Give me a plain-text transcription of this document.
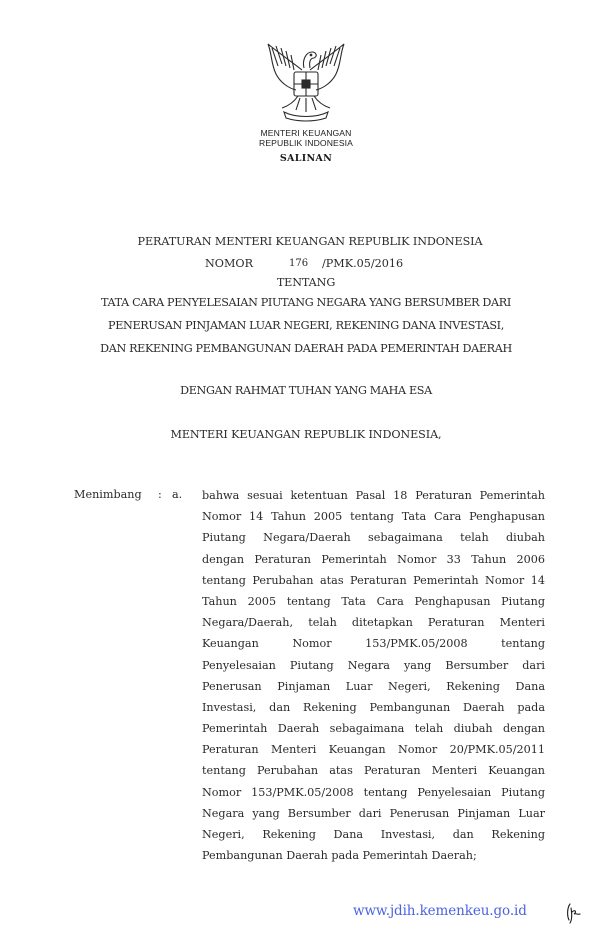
MENTERI KEUANGAN
REPUBLIK INDONESIA
SALINAN
PERATURAN MENTERI KEUANGAN REPUBLIK INDONESIA
NOMOR	176 /PMK.05/2016
TENTANG
TATA CARA PENYELESAIAN PIUTANG NEGARA YANG BERSUMBER DARI
PENERUSAN PINJAMAN LUAR NEGERI, REKENING DANA INVESTASI,
DAN REKENING PEMBANGUNAN DAERAH PADA PEMERINTAH DAERAH
DENGAN RAHMAT TUHAN YANG MAHA ESA
MENTERI KEUANGAN REPUBLIK INDONESIA,
Menimbang : a. bahwa sesuai ketentuan Pasal 18 Peraturan Pemerintah
Nomor 14 Tahun 2005 tentang Tata Cara Penghapusan
Piutang Negara/Daerah sebagaimana telah diubah
dengan Peraturan Pemerintah Nomor 33 Tahun 2006
tentang Perubahan atas Peraturan Pemerintah Nomor 14
Tahun 2005 tentang Tata Cara Penghapusan Piutang
Negara/Daerah, telah ditetapkan Peraturan Menteri
Keuangan Nomor 153/PMK.05/2008 tentang
Penyelesaian Piutang Negara yang Bersumber dari
Penerusan Pinjaman Luar Negeri, Rekening Dana
Investasi, dan Rekening Pembangunan Daerah pada
Pemerintah Daerah sebagaimana telah diubah dengan
Peraturan Menteri Keuangan Nomor 20/PMK.05/2011
tentang Perubahan atas Peraturan Menteri Keuangan
Nomor 153/PMK.05/2008 tentang Penyelesaian Piutang
Negara yang Bersumber dari Penerusan Pinjaman Luar
Negeri, Rekening Dana Investasi, dan Rekening
Pembangunan Daerah pada Pemerintah Daerah;
www.jdih.kemenkeu.go.id
